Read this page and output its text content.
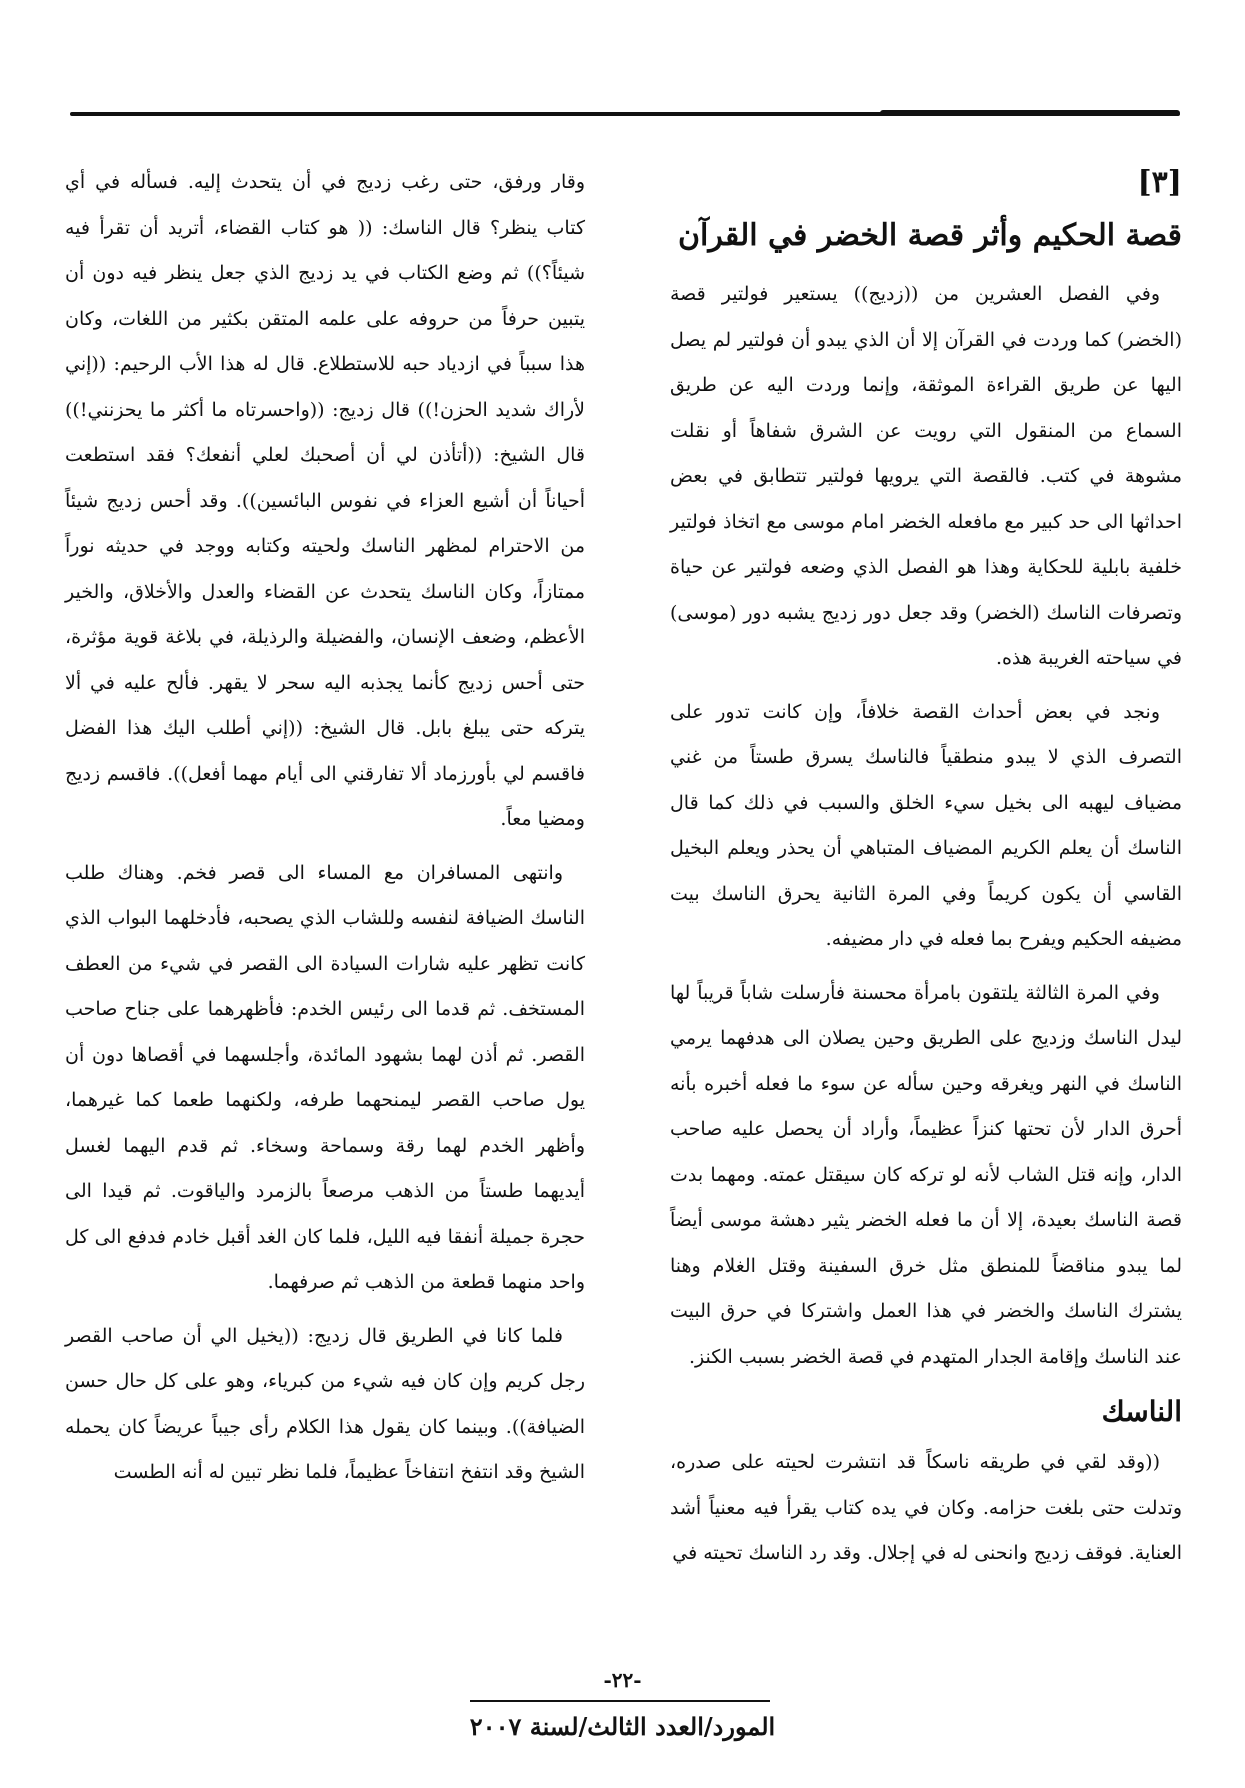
[٣]
قصة الحكيم وأثر قصة الخضر في القرآن

وفي الفصل العشرين من ((زديج)) يستعير فولتير قصة (الخضر) كما وردت في القرآن إلا أن الذي يبدو أن فولتير لم يصل اليها عن طريق القراءة الموثقة، وإنما وردت اليه عن طريق السماع من المنقول التي رويت عن الشرق شفاهاً أو نقلت مشوهة في كتب. فالقصة التي يرويها فولتير تتطابق في بعض احداثها الى حد كبير مع مافعله الخضر امام موسى مع اتخاذ فولتير خلفية بابلية للحكاية وهذا هو الفصل الذي وضعه فولتير عن حياة وتصرفات الناسك (الخضر) وقد جعل دور زديج يشبه دور (موسى) في سياحته الغريبة هذه.

ونجد في بعض أحداث القصة خلافاً، وإن كانت تدور على التصرف الذي لا يبدو منطقياً فالناسك يسرق طستاً من غني مضياف ليهبه الى بخيل سيء الخلق والسبب في ذلك كما قال الناسك أن يعلم الكريم المضياف المتباهي أن يحذر ويعلم البخيل القاسي أن يكون كريماً وفي المرة الثانية يحرق الناسك بيت مضيفه الحكيم ويفرح بما فعله في دار مضيفه.

وفي المرة الثالثة يلتقون بامرأة محسنة فأرسلت شاباً قريباً لها ليدل الناسك وزديج على الطريق وحين يصلان الى هدفهما يرمي الناسك في النهر ويغرقه وحين سأله عن سوء ما فعله أخبره بأنه أحرق الدار لأن تحتها كنزاً عظيماً، وأراد أن يحصل عليه صاحب الدار، وإنه قتل الشاب لأنه لو تركه كان سيقتل عمته. ومهما بدت قصة الناسك بعيدة، إلا أن ما فعله الخضر يثير دهشة موسى أيضاً لما يبدو مناقضاً للمنطق مثل خرق السفينة وقتل الغلام وهنا يشترك الناسك والخضر في هذا العمل واشتركا في حرق البيت عند الناسك وإقامة الجدار المتهدم في قصة الخضر بسبب الكنز.

الناسك

((وقد لقي في طريقه ناسكاً قد انتشرت لحيته على صدره، وتدلت حتى بلغت حزامه. وكان في يده كتاب يقرأ فيه معنياً أشد العناية. فوقف زديج وانحنى له في إجلال. وقد رد الناسك تحيته في

وقار ورفق، حتى رغب زديج في أن يتحدث إليه. فسأله في أي كتاب ينظر؟ قال الناسك: (( هو كتاب القضاء، أتريد أن تقرأ فيه شيئاً؟)) ثم وضع الكتاب في يد زديج الذي جعل ينظر فيه دون أن يتبين حرفاً من حروفه على علمه المتقن بكثير من اللغات، وكان هذا سبباً في ازدياد حبه للاستطلاع. قال له هذا الأب الرحيم: ((إني لأراك شديد الحزن!)) قال زديج: ((واحسرتاه ما أكثر ما يحزنني!)) قال الشيخ: ((أتأذن لي أن أصحبك لعلي أنفعك؟ فقد استطعت أحياناً أن أشيع العزاء في نفوس البائسين)). وقد أحس زديج شيئاً من الاحترام لمظهر الناسك ولحيته وكتابه ووجد في حديثه نوراً ممتازاً، وكان الناسك يتحدث عن القضاء والعدل والأخلاق، والخير الأعظم، وضعف الإنسان، والفضيلة والرذيلة، في بلاغة قوية مؤثرة، حتى أحس زديج كأنما يجذبه اليه سحر لا يقهر. فألح عليه في ألا يتركه حتى يبلغ بابل. قال الشيخ: ((إني أطلب اليك هذا الفضل فاقسم لي بأورزماد ألا تفارقني الى أيام مهما أفعل)). فاقسم زديج ومضيا معاً.

وانتهى المسافران مع المساء الى قصر فخم. وهناك طلب الناسك الضيافة لنفسه وللشاب الذي يصحبه، فأدخلهما البواب الذي كانت تظهر عليه شارات السيادة الى القصر في شيء من العطف المستخف. ثم قدما الى رئيس الخدم: فأظهرهما على جناح صاحب القصر. ثم أذن لهما بشهود المائدة، وأجلسهما في أقصاها دون أن يول صاحب القصر ليمنحهما طرفه، ولكنهما طعما كما غيرهما، وأظهر الخدم لهما رقة وسماحة وسخاء. ثم قدم اليهما لغسل أيديهما طستاً من الذهب مرصعاً بالزمرد والياقوت. ثم قيدا الى حجرة جميلة أنفقا فيه الليل، فلما كان الغد أقبل خادم فدفع الى كل واحد منهما قطعة من الذهب ثم صرفهما.

فلما كانا في الطريق قال زديج: ((يخيل الي أن صاحب القصر رجل كريم وإن كان فيه شيء من كبرياء، وهو على كل حال حسن الضيافة)). وبينما كان يقول هذا الكلام رأى جيباً عريضاً كان يحمله الشيخ وقد انتفخ انتفاخاً عظيماً، فلما نظر تبين له أنه الطست

-٢٢-
المورد/العدد الثالث/لسنة ٢٠٠٧
